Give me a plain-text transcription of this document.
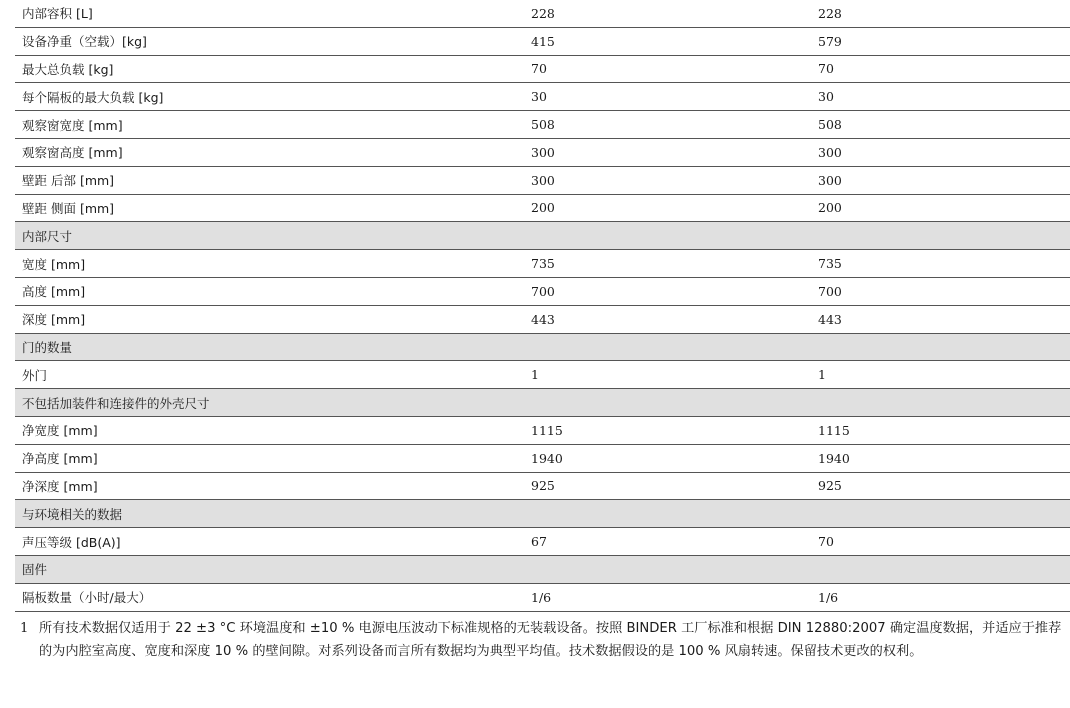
内部容积 [L]	228	228
设备净重（空载）[kg]	415	579
最大总负载 [kg]	70	70
每个隔板的最大负载 [kg]	30	30
观察窗宽度 [mm]	508	508
观察窗高度 [mm]	300	300
壁距 后部 [mm]	300	300
壁距 侧面 [mm]	200	200
内部尺寸
宽度 [mm]	735	735
高度 [mm]	700	700
深度 [mm]	443	443
门的数量
外门	1	1
不包括加装件和连接件的外壳尺寸
净宽度 [mm]	1115	1115
净高度 [mm]	1940	1940
净深度 [mm]	925	925
与环境相关的数据
声压等级 [dB(A)]	67	70
固件
隔板数量（小时/最大）	1/6	1/6
1 所有技术数据仅适用于 22 ±3 °C 环境温度和 ±10 % 电源电压波动下标准规格的无装载设备。按照 BINDER 工厂标准和根据 DIN 12880:2007 确定温度数据，并适应于推荐的为内腔室高度、宽度和深度 10 % 的壁间隙。对系列设备而言所有数据均为典型平均值。技术数据假设的是 100 % 风扇转速。保留技术更改的权利。
